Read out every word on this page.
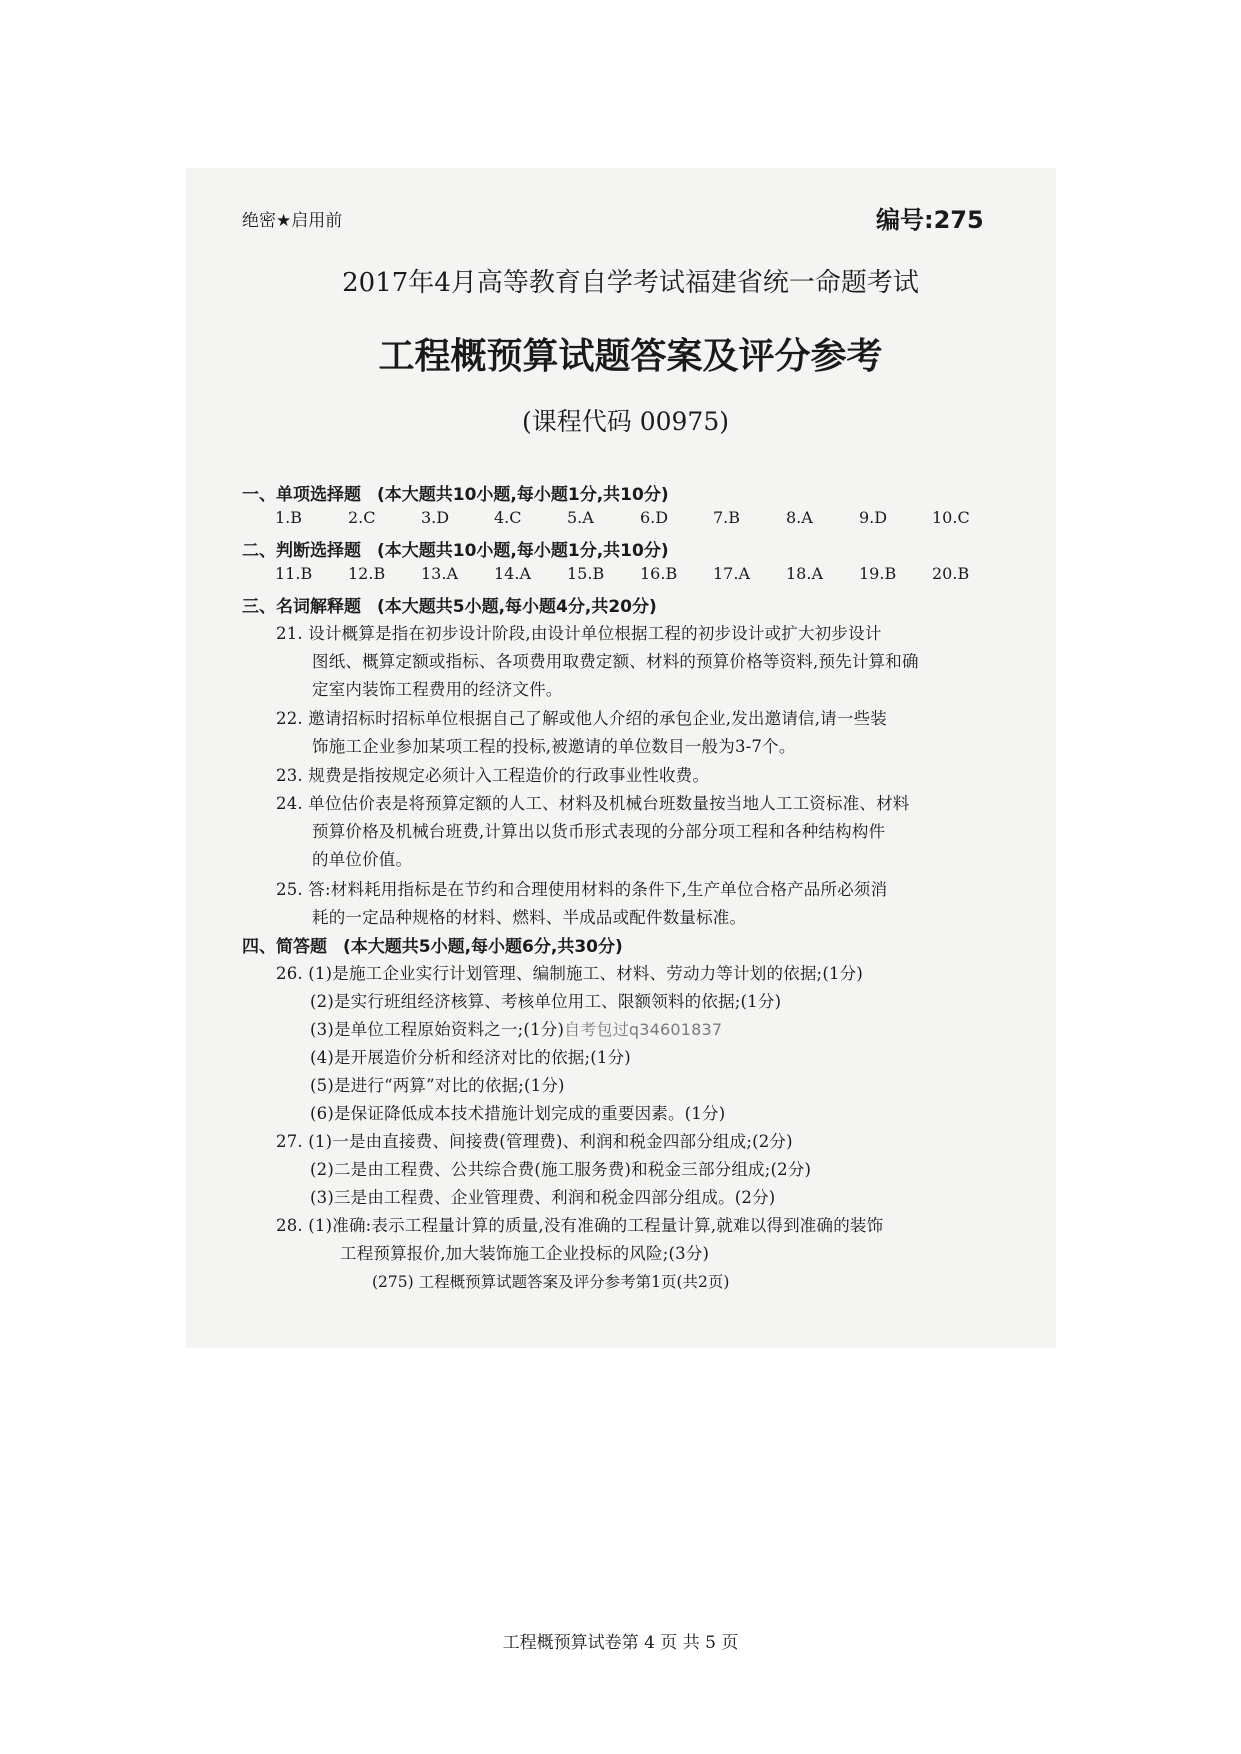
绝密★启用前	编号:275
2017年4月高等教育自学考试福建省统一命题考试
工程概预算试题答案及评分参考
(课程代码 00975)
一、单项选择题 (本大题共10小题,每小题1分,共10分)
1.B	2.C	3.D	4.C	5.A	6.D	7.B	8.A	9.D	10.C
二、判断选择题 (本大题共10小题,每小题1分,共10分)
11.B 12.B 13.A 14.A 15.B 16.B 17.A 18.A 19.B 20.B
三、名词解释题 (本大题共5小题,每小题4分,共20分)
21. 设计概算是指在初步设计阶段,由设计单位根据工程的初步设计或扩大初步设计
图纸、概算定额或指标、各项费用取费定额、材料的预算价格等资料,预先计算和确
定室内装饰工程费用的经济文件。
22. 邀请招标时招标单位根据自己了解或他人介绍的承包企业,发出邀请信,请一些装
饰施工企业参加某项工程的投标,被邀请的单位数目一般为3-7个。
23. 规费是指按规定必须计入工程造价的行政事业性收费。
24. 单位估价表是将预算定额的人工、材料及机械台班数量按当地人工工资标准、材料
预算价格及机械台班费,计算出以货币形式表现的分部分项工程和各种结构构件
的单位价值。
25. 答:材料耗用指标是在节约和合理使用材料的条件下,生产单位合格产品所必须消
耗的一定品种规格的材料、燃料、半成品或配件数量标准。
四、简答题 (本大题共5小题,每小题6分,共30分)
26. (1)是施工企业实行计划管理、编制施工、材料、劳动力等计划的依据;(1分)
(2)是实行班组经济核算、考核单位用工、限额领料的依据;(1分)
(3)是单位工程原始资料之一;(1分)自考包过q34601837
(4)是开展造价分析和经济对比的依据;(1分)
(5)是进行“两算”对比的依据;(1分)
(6)是保证降低成本技术措施计划完成的重要因素。(1分)
27. (1)一是由直接费、间接费(管理费)、利润和税金四部分组成;(2分)
(2)二是由工程费、公共综合费(施工服务费)和税金三部分组成;(2分)
(3)三是由工程费、企业管理费、利润和税金四部分组成。(2分)
28. (1)准确:表示工程量计算的质量,没有准确的工程量计算,就难以得到准确的装饰
工程预算报价,加大装饰施工企业投标的风险;(3分)
(275) 工程概预算试题答案及评分参考第1页(共2页)
工程概预算试卷第 4 页 共 5 页
